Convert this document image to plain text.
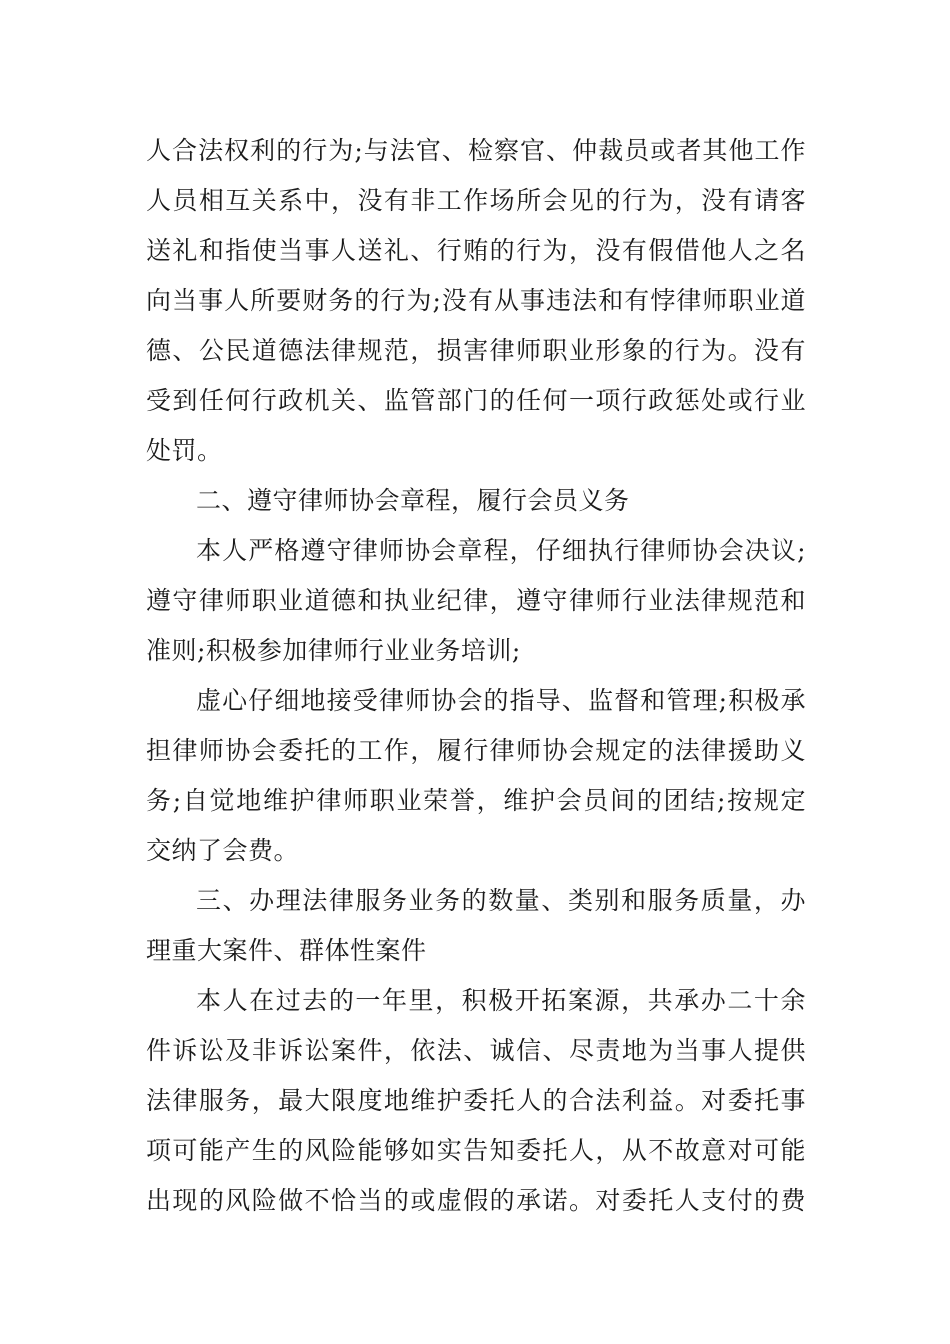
人合法权利的行为;与法官、检察官、仲裁员或者其他工作
人员相互关系中，没有非工作场所会见的行为，没有请客
送礼和指使当事人送礼、行贿的行为，没有假借他人之名
向当事人所要财务的行为;没有从事违法和有悖律师职业道
德、公民道德法律规范，损害律师职业形象的行为。没有
受到任何行政机关、监管部门的任何一项行政惩处或行业
处罚。
二、遵守律师协会章程，履行会员义务
本人严格遵守律师协会章程，仔细执行律师协会决议;
遵守律师职业道德和执业纪律，遵守律师行业法律规范和
准则;积极参加律师行业业务培训;
虚心仔细地接受律师协会的指导、监督和管理;积极承
担律师协会委托的工作，履行律师协会规定的法律援助义
务;自觉地维护律师职业荣誉，维护会员间的团结;按规定
交纳了会费。
三、办理法律服务业务的数量、类别和服务质量，办
理重大案件、群体性案件
本人在过去的一年里，积极开拓案源，共承办二十余
件诉讼及非诉讼案件，依法、诚信、尽责地为当事人提供
法律服务，最大限度地维护委托人的合法利益。对委托事
项可能产生的风险能够如实告知委托人，从不故意对可能
出现的风险做不恰当的或虚假的承诺。对委托人支付的费
